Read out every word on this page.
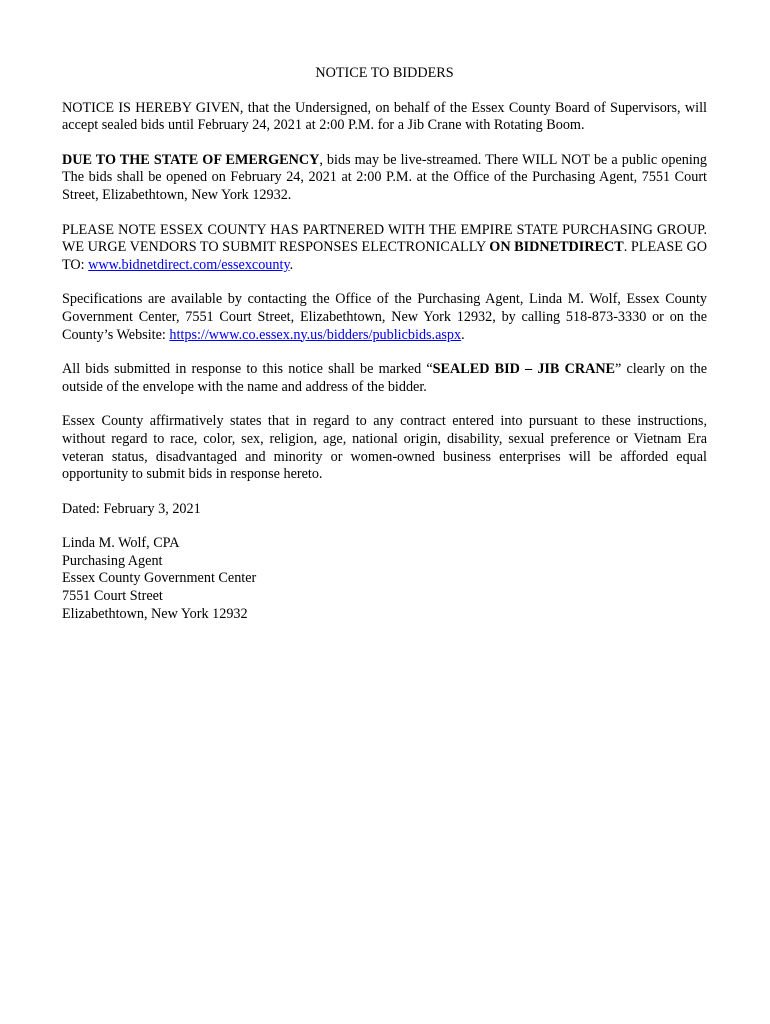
NOTICE TO BIDDERS

NOTICE IS HEREBY GIVEN, that the Undersigned, on behalf of the Essex County Board of Supervisors, will accept sealed bids until February 24, 2021 at 2:00 P.M. for a Jib Crane with Rotating Boom.

DUE TO THE STATE OF EMERGENCY, bids may be live-streamed. There WILL NOT be a public opening The bids shall be opened on February 24, 2021 at 2:00 P.M. at the Office of the Purchasing Agent, 7551 Court Street, Elizabethtown, New York 12932.

PLEASE NOTE ESSEX COUNTY HAS PARTNERED WITH THE EMPIRE STATE PURCHASING GROUP. WE URGE VENDORS TO SUBMIT RESPONSES ELECTRONICALLY ON BIDNETDIRECT. PLEASE GO TO: www.bidnetdirect.com/essexcounty.

Specifications are available by contacting the Office of the Purchasing Agent, Linda M. Wolf, Essex County Government Center, 7551 Court Street, Elizabethtown, New York 12932, by calling 518-873-3330 or on the County’s Website: https://www.co.essex.ny.us/bidders/publicbids.aspx.

All bids submitted in response to this notice shall be marked “SEALED BID – JIB CRANE” clearly on the outside of the envelope with the name and address of the bidder.

Essex County affirmatively states that in regard to any contract entered into pursuant to these instructions, without regard to race, color, sex, religion, age, national origin, disability, sexual preference or Vietnam Era veteran status, disadvantaged and minority or women-owned business enterprises will be afforded equal opportunity to submit bids in response hereto.

Dated: February 3, 2021

Linda M. Wolf, CPA
Purchasing Agent
Essex County Government Center
7551 Court Street
Elizabethtown, New York 12932
